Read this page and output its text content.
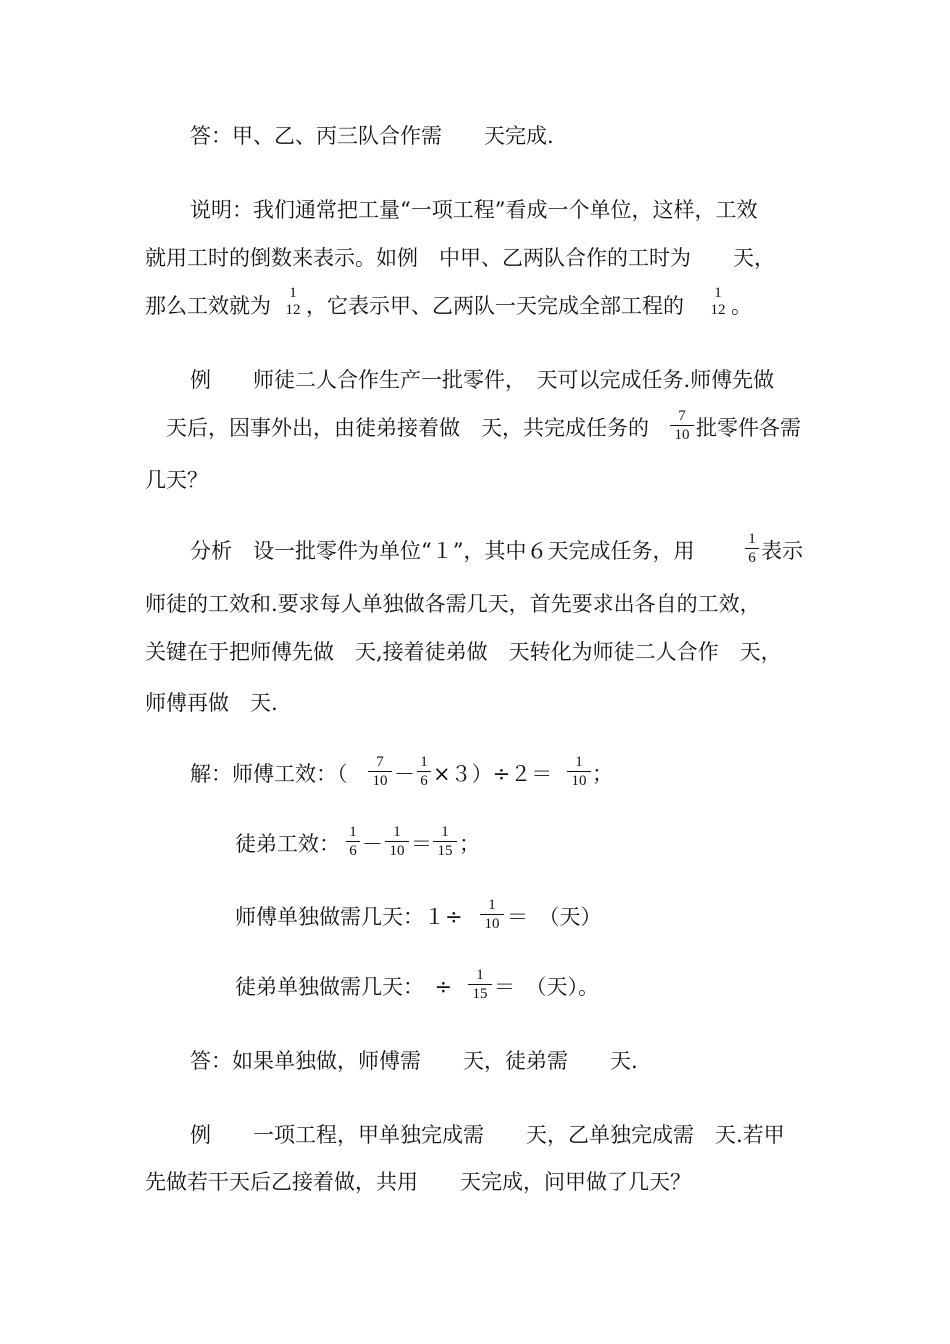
答：甲、乙、丙三队合作需　　天完成.
说明：我们通常把工量“一项工程”看成一个单位，这样，工效
就用工时的倒数来表示。如例　中甲、乙两队合作的工时为　　天，
那么工效就为
1
12 ，它表示甲、乙两队一天完成全部工程的
1
12 。
例　　师徒二人合作生产一批零件，　天可以完成任务.师傅先做
　天后，因事外出，由徒弟接着做　天，共完成任务的	7
10 批零件各需
几天？
分析　设一批零件为单位“１”，其中６天完成任务，用	1
6 表示
师徒的工效和.要求每人单独做各需几天，首先要求出各自的工效，
关键在于把师傅先做　天,接着徒弟做　天转化为师徒二人合作　天，
师傅再做　天.
解：师傅工效：（	7
10 － 1
6 ×３）÷２＝	1
10 ；
徒弟工效： 1
6 － 1
10 ＝ 1
15 ；
师傅单独做需几天：１÷	1
10 ＝　（天）
徒弟单独做需几天：　÷	1
15 ＝　（天）。
答：如果单独做，师傅需　　天，徒弟需　　天.
例　　一项工程，甲单独完成需　　天，乙单独完成需　天.若甲
先做若干天后乙接着做，共用　　天完成，问甲做了几天？
